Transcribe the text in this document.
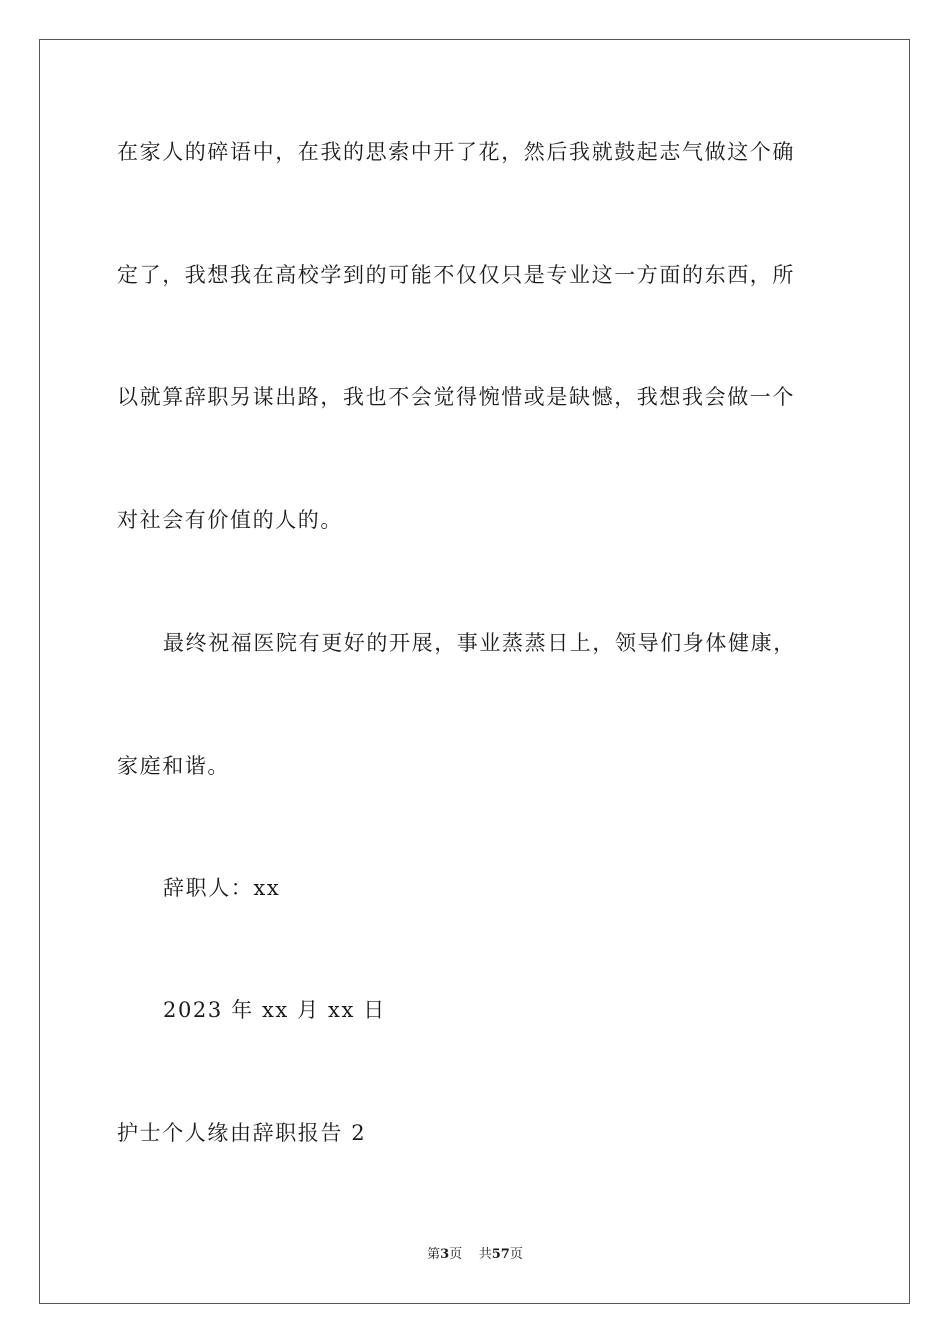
在家人的碎语中，在我的思索中开了花，然后我就鼓起志气做这个确
定了，我想我在高校学到的可能不仅仅只是专业这一方面的东西，所
以就算辞职另谋出路，我也不会觉得惋惜或是缺憾，我想我会做一个
对社会有价值的人的。
最终祝福医院有更好的开展，事业蒸蒸日上，领导们身体健康，
家庭和谐。
辞职人：xx
2023 年 xx 月 xx 日
护士个人缘由辞职报告 2
第3页 共57页
